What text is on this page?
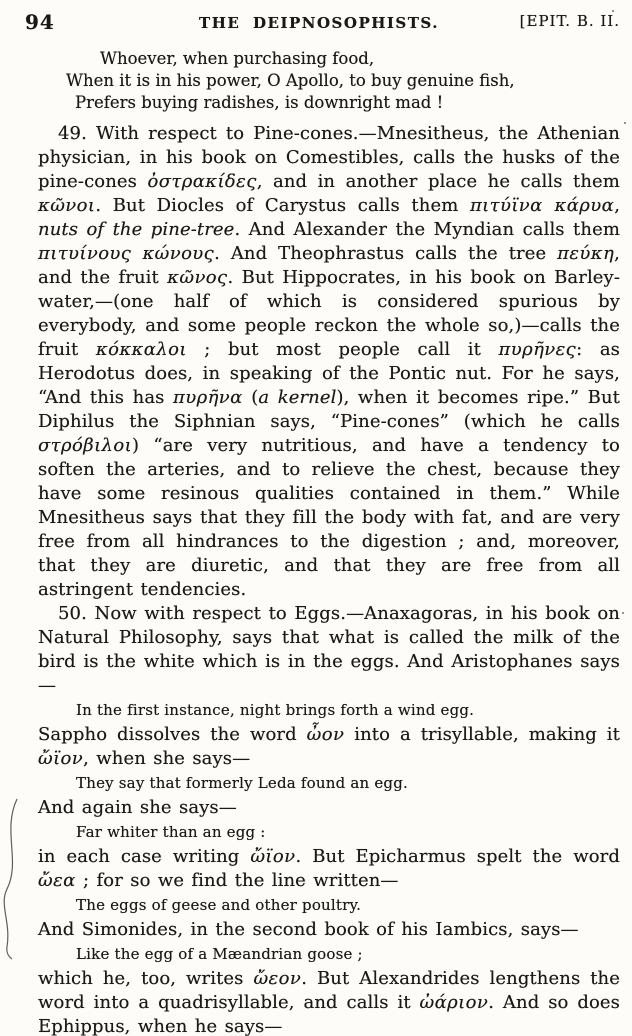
94	THE DEIPNOSOPHISTS.	[EPIT. B. II.
Whoever, when purchasing food,
When it is in his power, O Apollo, to buy genuine fish,
Prefers buying radishes, is downright mad !

49. With respect to Pine-cones.—Mnesitheus, the Athenian physician, in his book on Comestibles, calls the husks of the pine-cones ὀστρακίδες, and in another place he calls them κῶνοι. But Diocles of Carystus calls them πιτύϊνα κάρυα, nuts of the pine-tree. And Alexander the Myndian calls them πιτυίνους κώνους. And Theophrastus calls the tree πεύκη, and the fruit κῶνος. But Hippocrates, in his book on Barley-water,—(one half of which is considered spurious by everybody, and some people reckon the whole so,)—calls the fruit κόκκαλοι ; but most people call it πυρῆνες: as Herodotus does, in speaking of the Pontic nut. For he says, “And this has πυρῆνα (a kernel), when it becomes ripe.” But Diphilus the Siphnian says, “Pine-cones” (which he calls στρόβιλοι) “are very nutritious, and have a tendency to soften the arteries, and to relieve the chest, because they have some resinous qualities contained in them.” While Mnesitheus says that they fill the body with fat, and are very free from all hindrances to the digestion ; and, moreover, that they are diuretic, and that they are free from all astringent tendencies.

50. Now with respect to Eggs.—Anaxagoras, in his book on Natural Philosophy, says that what is called the milk of the bird is the white which is in the eggs. And Aristophanes says—

In the first instance, night brings forth a wind egg.

Sappho dissolves the word ὦον into a trisyllable, making it ὤϊον, when she says—

They say that formerly Leda found an egg.

And again she says—

Far whiter than an egg :

in each case writing ὤϊον. But Epicharmus spelt the word ὤεα ; for so we find the line written—

The eggs of geese and other poultry.

And Simonides, in the second book of his Iambics, says—

Like the egg of a Mæandrian goose ;

which he, too, writes ὤεον. But Alexandrides lengthens the word into a quadrisyllable, and calls it ὠάριον. And so does Ephippus, when he says—
